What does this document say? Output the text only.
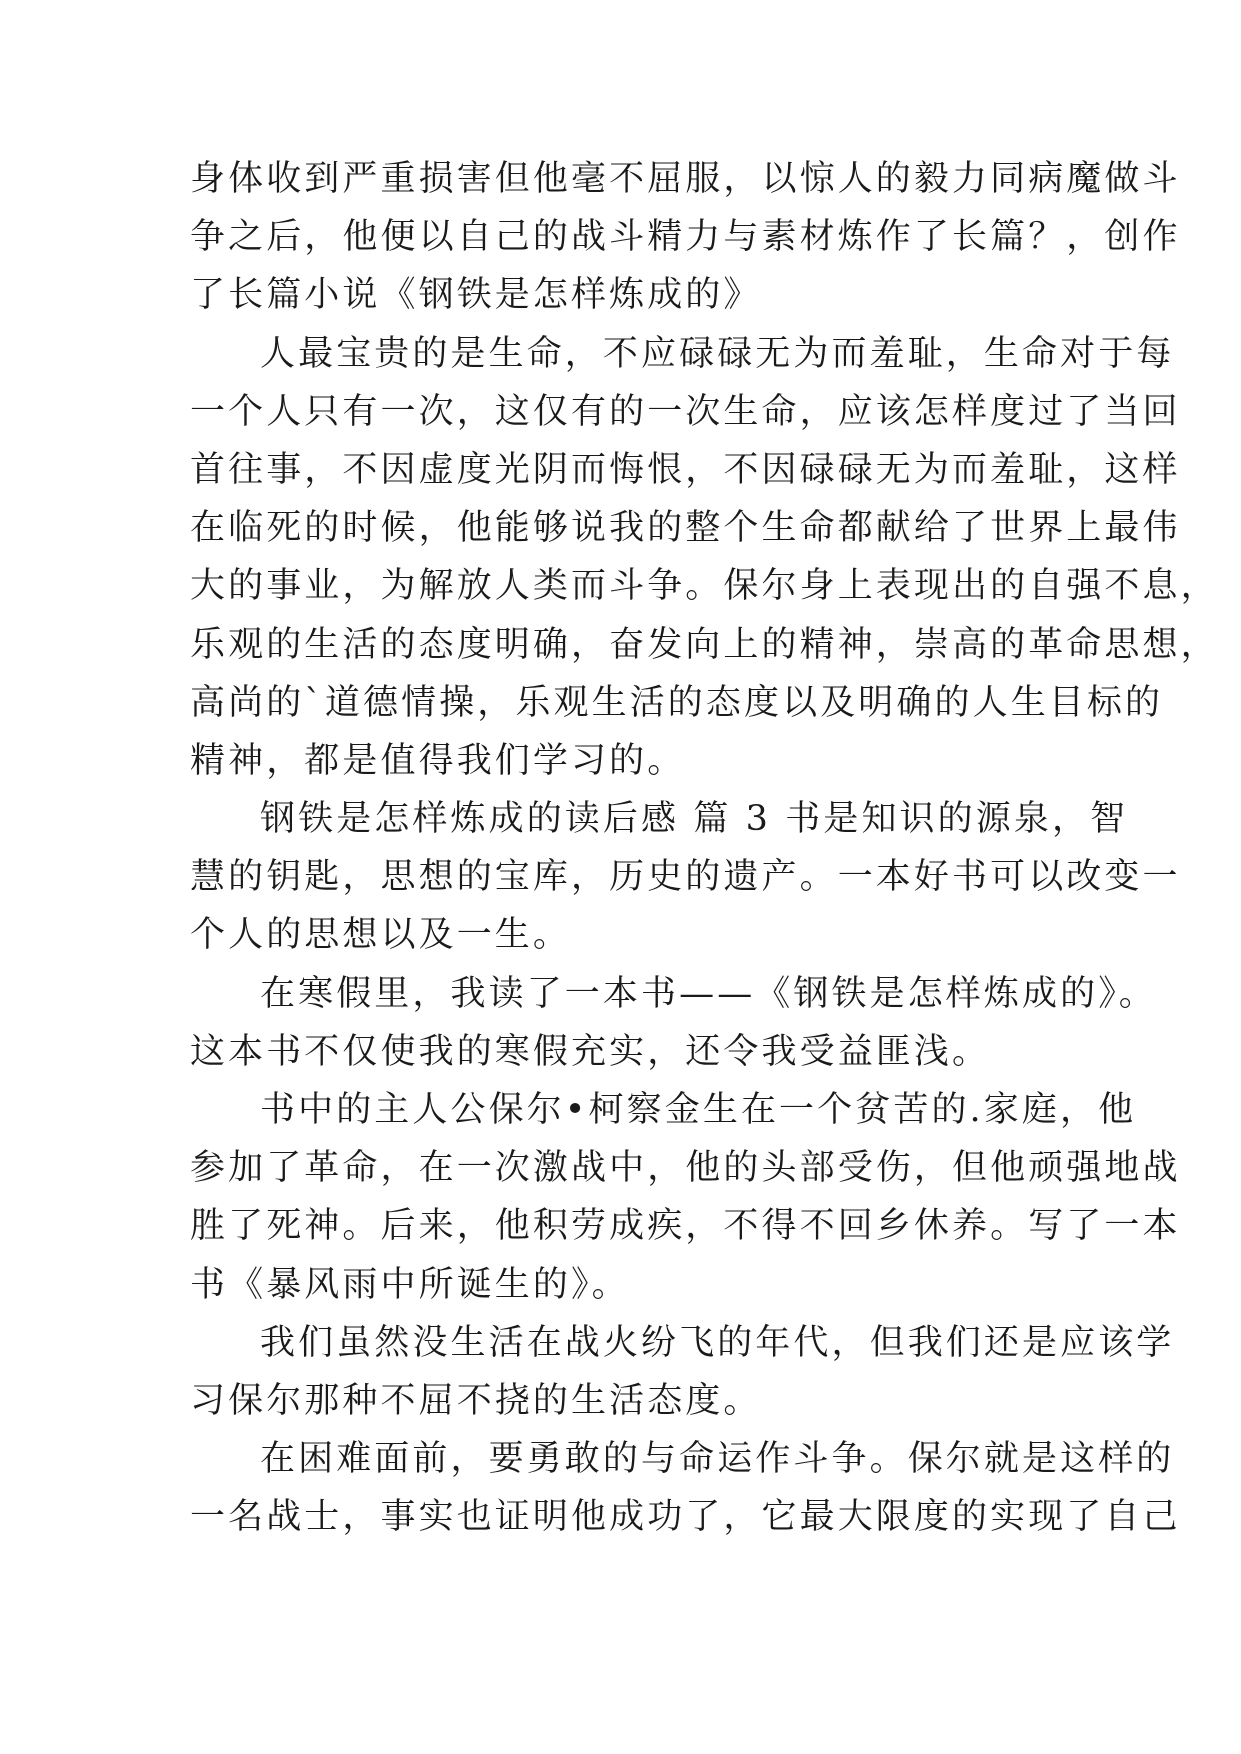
身体收到严重损害但他毫不屈服，以惊人的毅力同病魔做斗
争之后，他便以自己的战斗精力与素材炼作了长篇？，创作
了长篇小说《钢铁是怎样炼成的》
人最宝贵的是生命，不应碌碌无为而羞耻，生命对于每
一个人只有一次，这仅有的一次生命，应该怎样度过了当回
首往事，不因虚度光阴而悔恨，不因碌碌无为而羞耻，这样
在临死的时候，他能够说我的整个生命都献给了世界上最伟
大的事业，为解放人类而斗争。保尔身上表现出的自强不息，
乐观的生活的态度明确，奋发向上的精神，崇高的革命思想，
高尚的`道德情操，乐观生活的态度以及明确的人生目标的
精神，都是值得我们学习的。
钢铁是怎样炼成的读后感 篇 3 书是知识的源泉，智
慧的钥匙，思想的宝库，历史的遗产。一本好书可以改变一
个人的思想以及一生。
在寒假里，我读了一本书——《钢铁是怎样炼成的》。
这本书不仅使我的寒假充实，还令我受益匪浅。
书中的主人公保尔•柯察金生在一个贫苦的.家庭，他
参加了革命，在一次激战中，他的头部受伤，但他顽强地战
胜了死神。后来，他积劳成疾，不得不回乡休养。写了一本
书《暴风雨中所诞生的》。
我们虽然没生活在战火纷飞的年代，但我们还是应该学
习保尔那种不屈不挠的生活态度。
在困难面前，要勇敢的与命运作斗争。保尔就是这样的
一名战士，事实也证明他成功了，它最大限度的实现了自己
